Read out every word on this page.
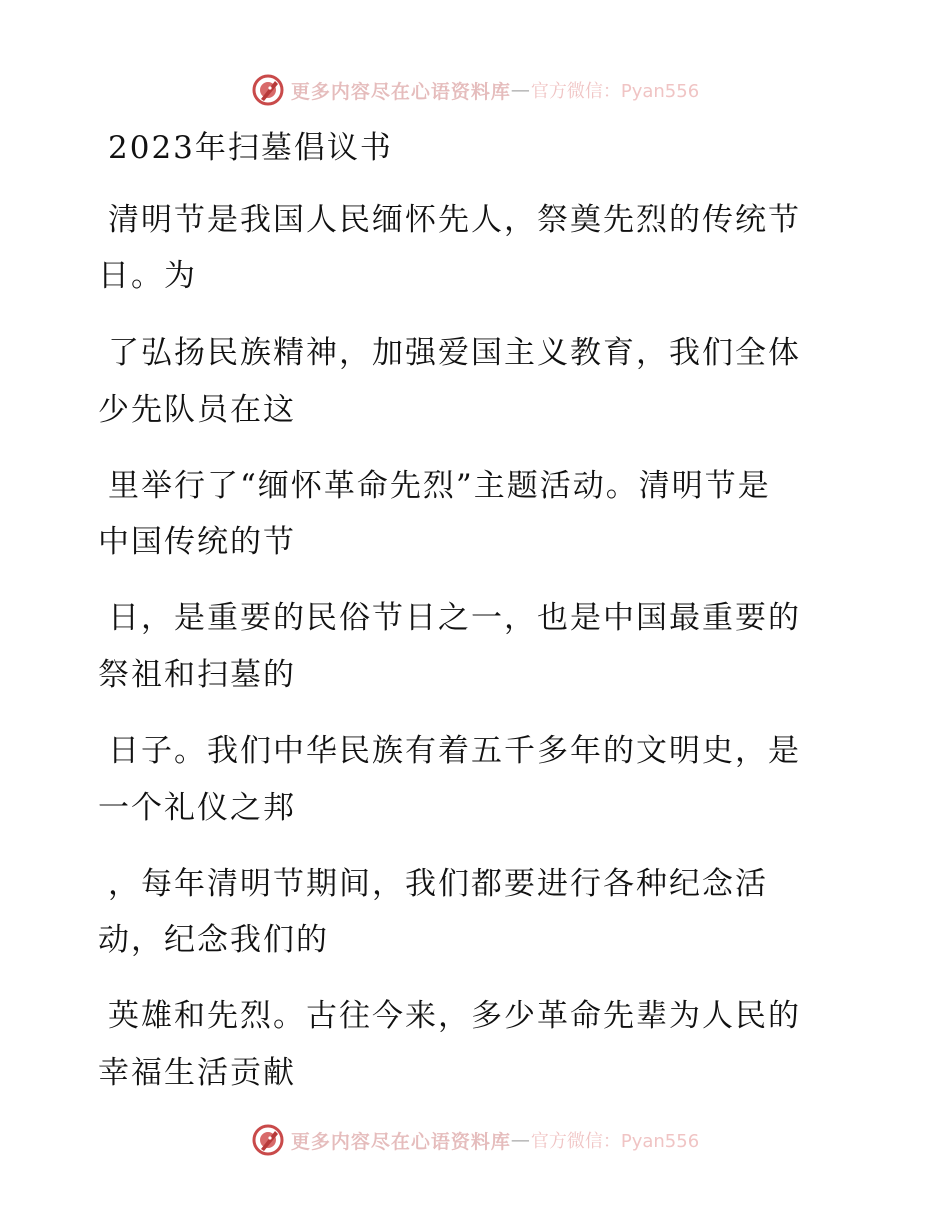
更多内容尽在心语资料库 — 官方微信：Pyan556
2023年扫墓倡议书
清明节是我国人民缅怀先人，祭奠先烈的传统节
日。为
了弘扬民族精神，加强爱国主义教育，我们全体
少先队员在这
里举行了“缅怀革命先烈”主题活动。清明节是
中国传统的节
日，是重要的民俗节日之一，也是中国最重要的
祭祖和扫墓的
日子。我们中华民族有着五千多年的文明史，是
一个礼仪之邦
，每年清明节期间，我们都要进行各种纪念活
动，纪念我们的
英雄和先烈。古往今来，多少革命先辈为人民的
幸福生活贡献
更多内容尽在心语资料库 — 官方微信：Pyan556
